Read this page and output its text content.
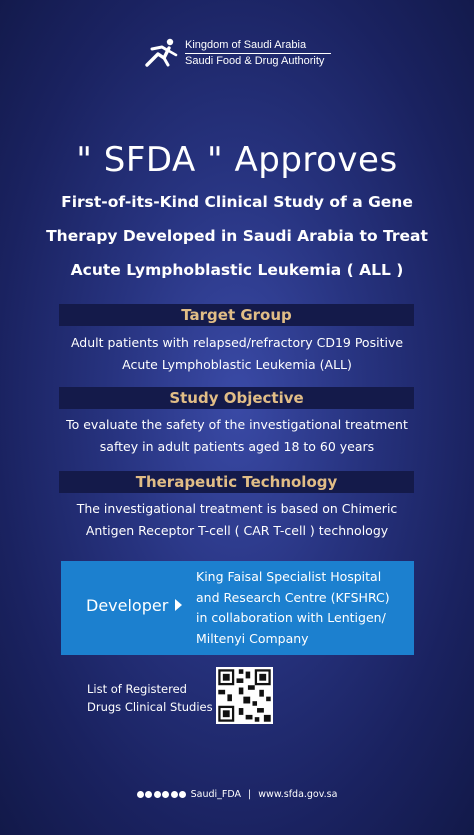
Kingdom of Saudi Arabia
Saudi Food & Drug Authority
" SFDA " Approves
First-of-its-Kind Clinical Study of a Gene
Therapy Developed in Saudi Arabia to Treat
Acute Lymphoblastic Leukemia ( ALL )
Target Group
Adult patients with relapsed/refractory CD19 Positive
Acute Lymphoblastic Leukemia (ALL)
Study Objective
To evaluate the safety of the investigational treatment
saftey in adult patients aged 18 to 60 years
Therapeutic Technology
The investigational treatment is based on Chimeric
Antigen Receptor T-cell ( CAR T-cell ) technology
Developer
King Faisal Specialist Hospital
and Research Centre (KFSHRC)
in collaboration with Lentigen/
Miltenyi Company
List of Registered
Drugs Clinical Studies
Saudi_FDA | www.sfda.gov.sa
